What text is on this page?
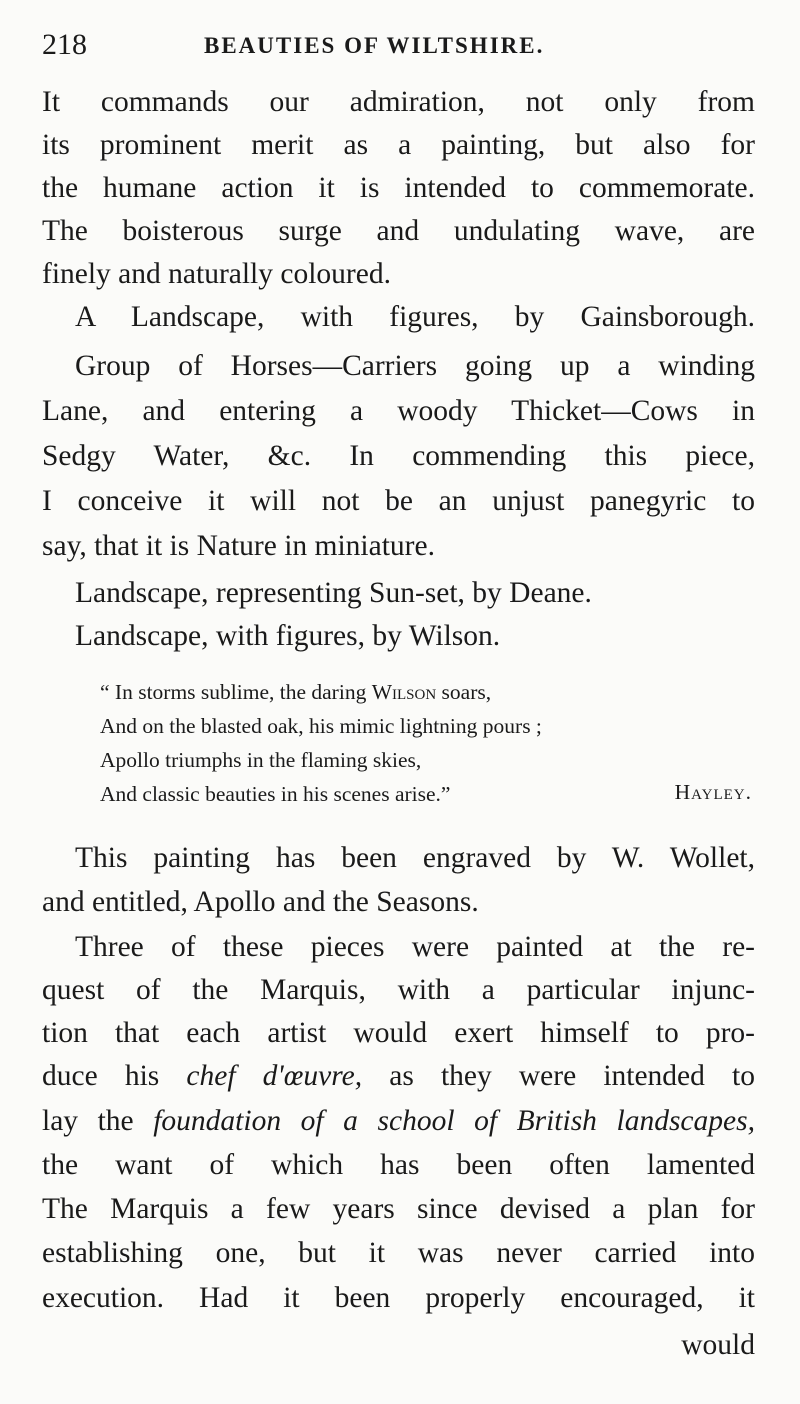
218	BEAUTIES OF WILTSHIRE.
It commands our admiration, not only from
its prominent merit as a painting, but also for
the humane action it is intended to commemorate.
The boisterous surge and undulating wave, are
finely and naturally coloured.
A Landscape, with figures, by Gainsborough.
Group of Horses—Carriers going up a winding
Lane, and entering a woody Thicket—Cows in
Sedgy Water, &c. In commending this piece,
I conceive it will not be an unjust panegyric to
say, that it is Nature in miniature.
Landscape, representing Sun-set, by Deane.
Landscape, with figures, by Wilson.
“ In storms sublime, the daring Wilson soars,
And on the blasted oak, his mimic lightning pours ;
Apollo triumphs in the flaming skies,
And classic beauties in his scenes arise.”
This painting has been engraved by W. Wollet,
and entitled, Apollo and the Seasons.
Three of these pieces were painted at the re-
quest of the Marquis, with a particular injunc-
tion that each artist would exert himself to pro-
duce his chef d'œuvre, as they were intended to
lay the foundation of a school of British landscapes,
the want of which has been often lamented
The Marquis a few years since devised a plan for
establishing one, but it was never carried into
execution. Had it been properly encouraged, it
would
Hayley.
